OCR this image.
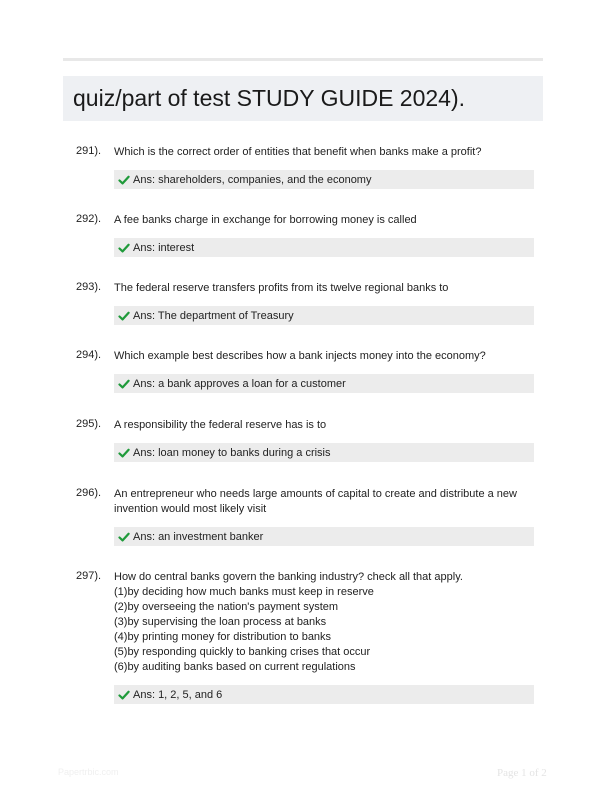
quiz/part of test STUDY GUIDE 2024).
291). Which is the correct order of entities that benefit when banks make a profit?
Ans: shareholders, companies, and the economy
292). A fee banks charge in exchange for borrowing money is called
Ans: interest
293). The federal reserve transfers profits from its twelve regional banks to
Ans: The department of Treasury
294). Which example best describes how a bank injects money into the economy?
Ans: a bank approves a loan for a customer
295). A responsibility the federal reserve has is to
Ans: loan money to banks during a crisis
296). An entrepreneur who needs large amounts of capital to create and distribute a new
invention would most likely visit
Ans: an investment banker
297). How do central banks govern the banking industry? check all that apply.
(1)by deciding how much banks must keep in reserve
(2)by overseeing the nation's payment system
(3)by supervising the loan process at banks
(4)by printing money for distribution to banks
(5)by responding quickly to banking crises that occur
(6)by auditing banks based on current regulations
Ans: 1, 2, 5, and 6
Papertrbic.com	Page 1 of 2
